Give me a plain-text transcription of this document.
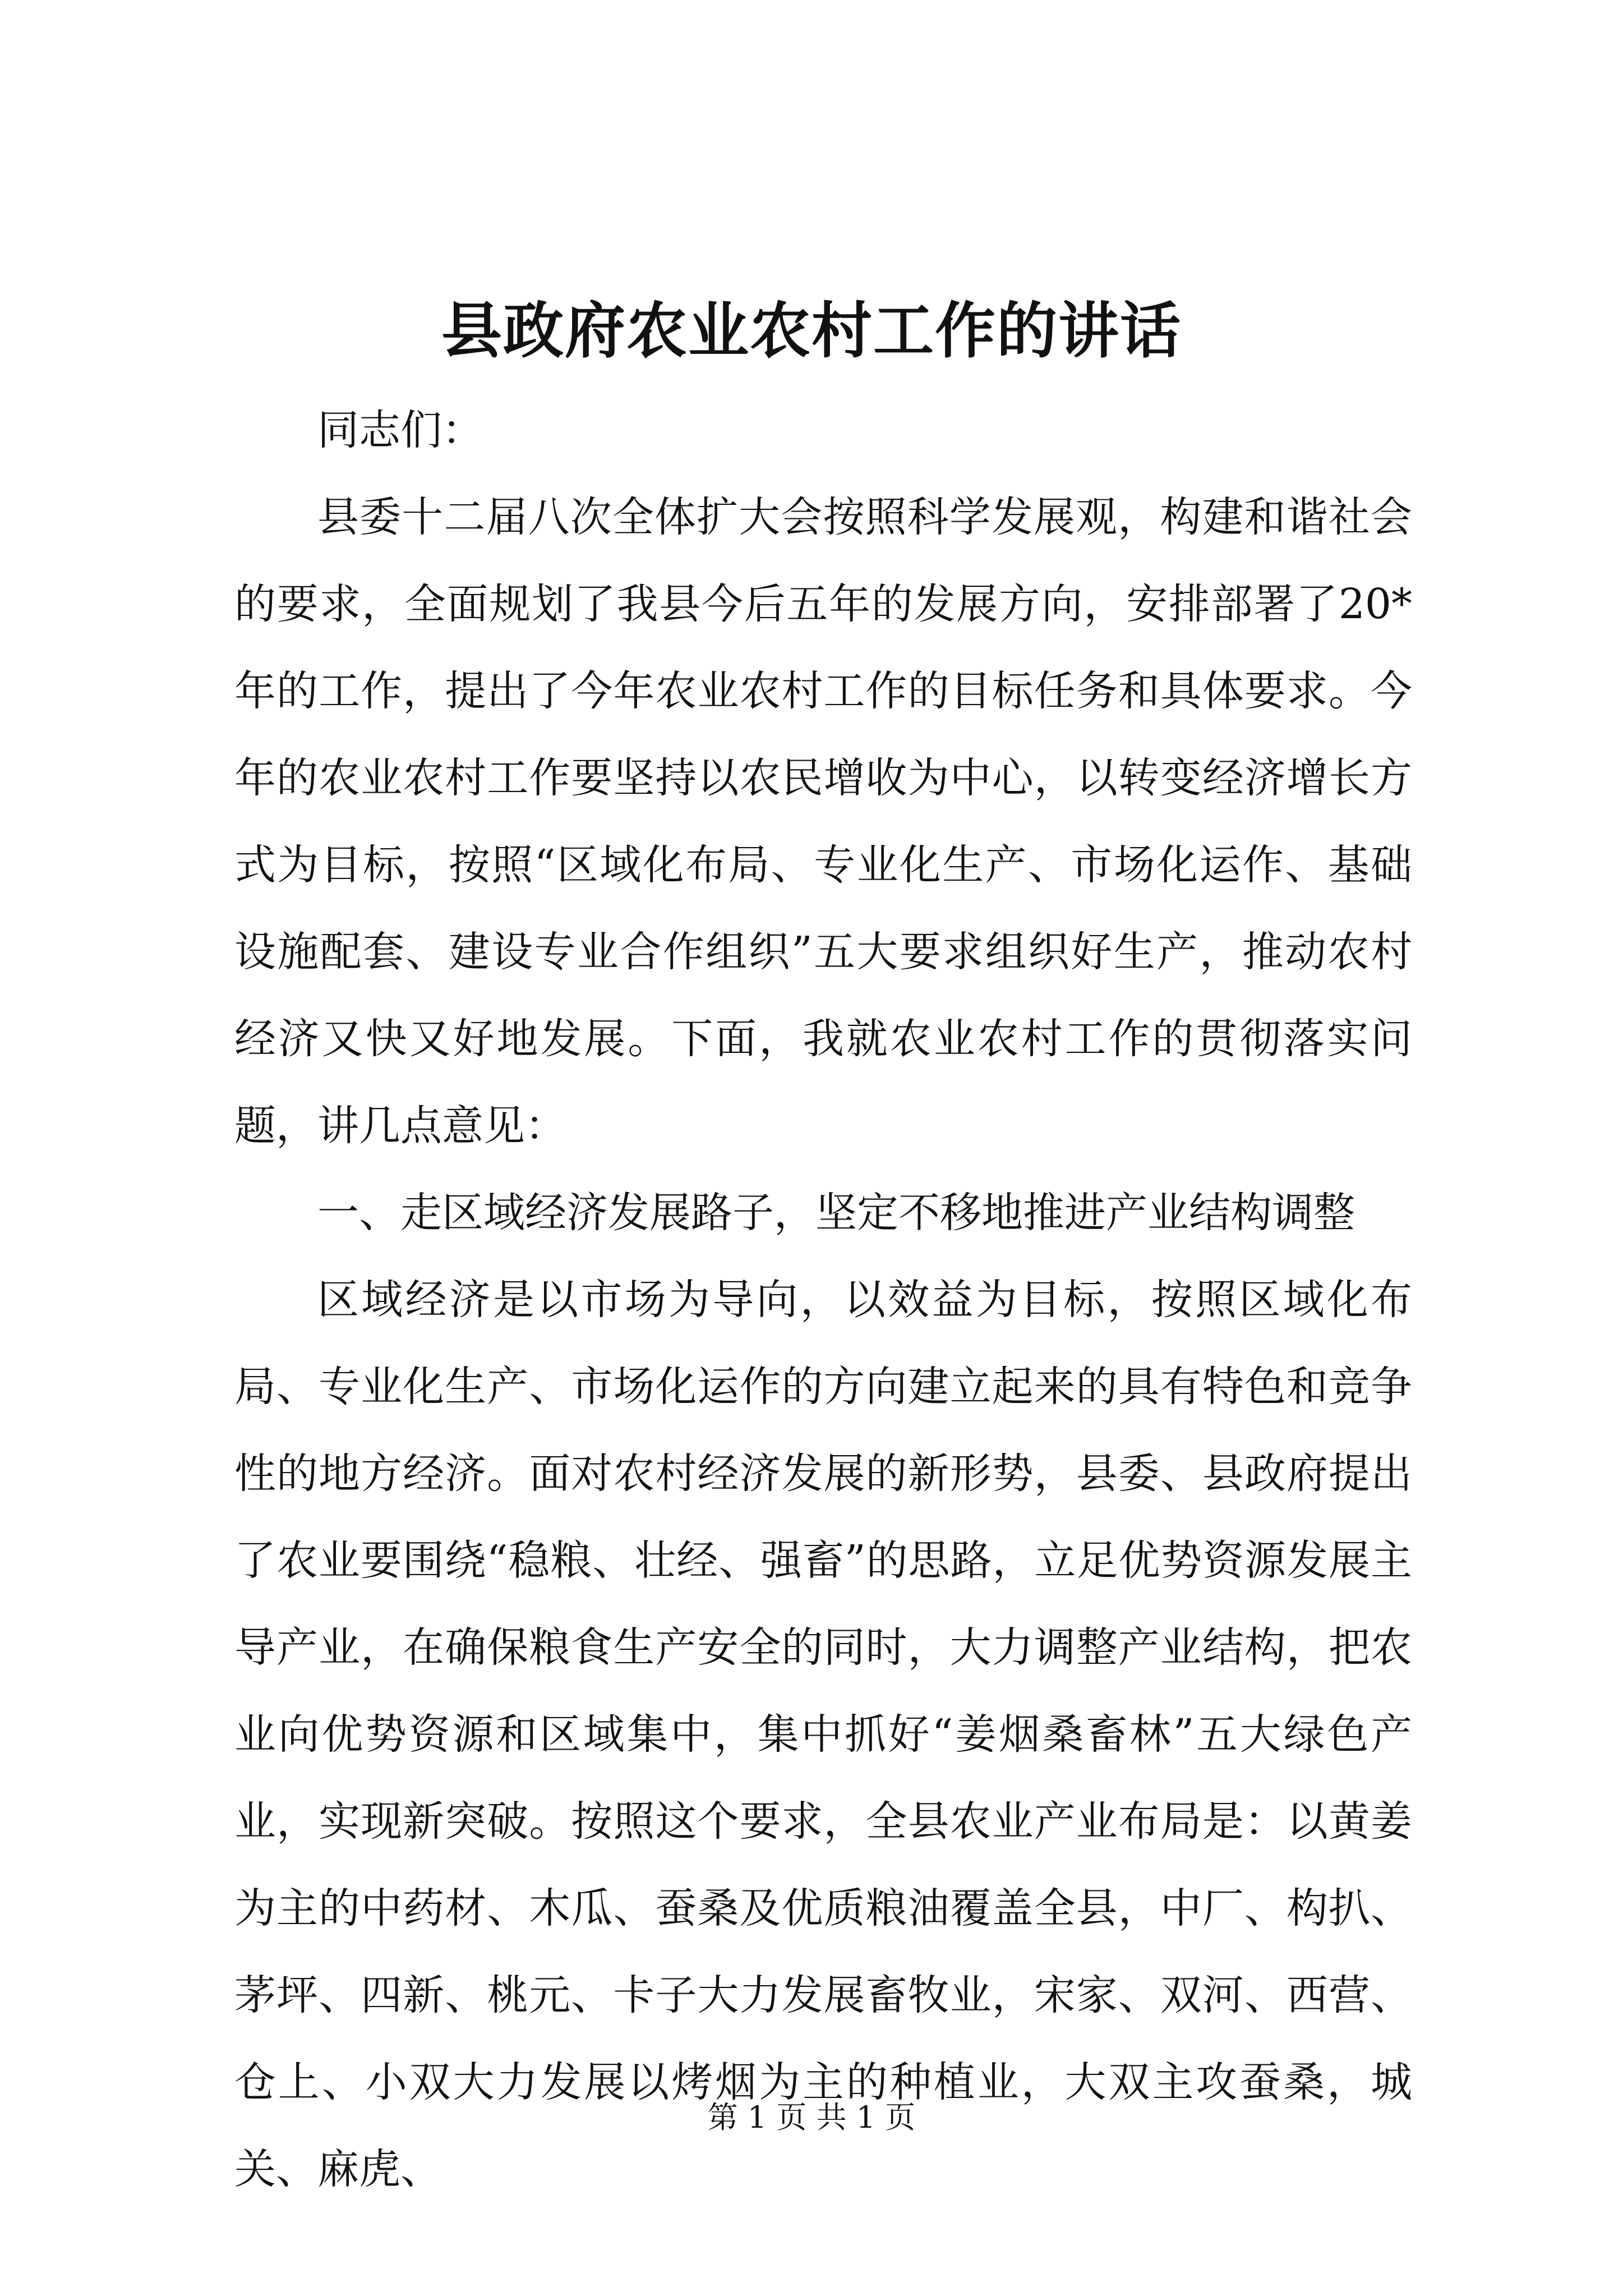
县政府农业农村工作的讲话

同志们：

县委十二届八次全体扩大会按照科学发展观，构建和谐社会的要求，全面规划了我县今后五年的发展方向，安排部署了20*年的工作，提出了今年农业农村工作的目标任务和具体要求。今年的农业农村工作要坚持以农民增收为中心，以转变经济增长方式为目标，按照“区域化布局、专业化生产、市场化运作、基础设施配套、建设专业合作组织”五大要求组织好生产，推动农村经济又快又好地发展。下面，我就农业农村工作的贯彻落实问题，讲几点意见：

一、走区域经济发展路子，坚定不移地推进产业结构调整

区域经济是以市场为导向，以效益为目标，按照区域化布局、专业化生产、市场化运作的方向建立起来的具有特色和竞争性的地方经济。面对农村经济发展的新形势，县委、县政府提出了农业要围绕“稳粮、壮经、强畜”的思路，立足优势资源发展主导产业，在确保粮食生产安全的同时，大力调整产业结构，把农业向优势资源和区域集中，集中抓好“姜烟桑畜林”五大绿色产业，实现新突破。按照这个要求，全县农业产业布局是：以黄姜为主的中药材、木瓜、蚕桑及优质粮油覆盖全县，中厂、构扒、茅坪、四新、桃元、卡子大力发展畜牧业，宋家、双河、西营、仓上、小双大力发展以烤烟为主的种植业，大双主攻蚕桑，城关、麻虎、

第 1 页 共 1 页
